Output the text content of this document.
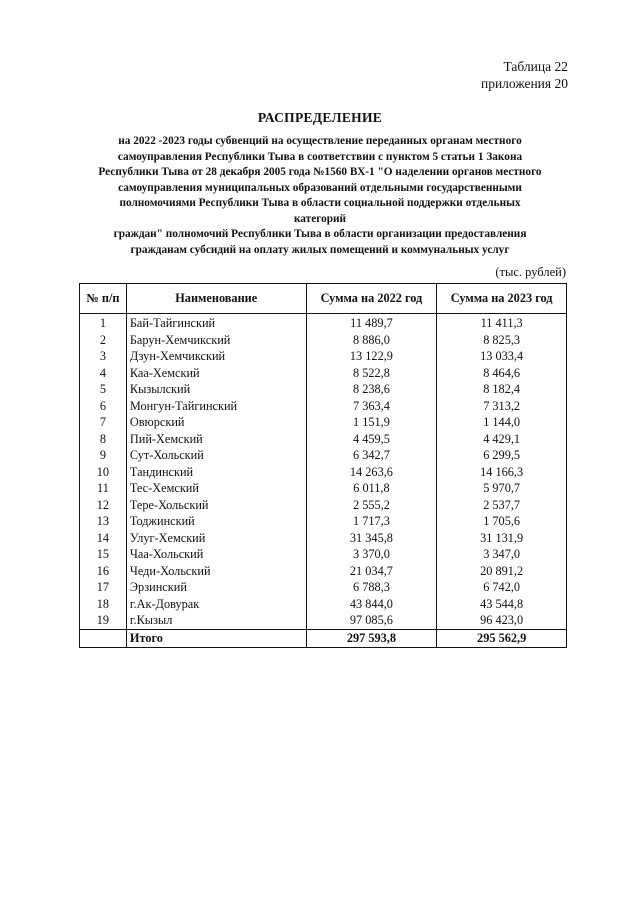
Таблица 22
приложения 20
РАСПРЕДЕЛЕНИЕ
на 2022 -2023 годы субвенций на осуществление переданных органам местного
самоуправления Республики Тыва в соответствии с пунктом 5 статьи 1 Закона
Республики Тыва от 28 декабря 2005 года №1560 ВХ-1 "О наделении органов местного
самоуправления муниципальных образований отдельными государственными
полномочиями Республики Тыва в области социальной поддержки отдельных категорий
граждан" полномочий Республики Тыва в области организации предоставления
гражданам субсидий на оплату жилых помещений и коммунальных услуг
(тыс. рублей)
№ п/п	Наименование	Сумма на 2022 год	Сумма на 2023 год
1	Бай-Тайгинский	11 489,7	11 411,3
2	Барун-Хемчикский	8 886,0	8 825,3
3	Дзун-Хемчикский	13 122,9	13 033,4
4	Каа-Хемский	8 522,8	8 464,6
5	Кызылский	8 238,6	8 182,4
6	Монгун-Тайгинский	7 363,4	7 313,2
7	Овюрский	1 151,9	1 144,0
8	Пий-Хемский	4 459,5	4 429,1
9	Сут-Хольский	6 342,7	6 299,5
10	Тандинский	14 263,6	14 166,3
11	Тес-Хемский	6 011,8	5 970,7
12	Тере-Хольский	2 555,2	2 537,7
13	Тоджинский	1 717,3	1 705,6
14	Улуг-Хемский	31 345,8	31 131,9
15	Чаа-Хольский	3 370,0	3 347,0
16	Чеди-Хольский	21 034,7	20 891,2
17	Эрзинский	6 788,3	6 742,0
18	г.Ак-Довурак	43 844,0	43 544,8
19	г.Кызыл	97 085,6	96 423,0
	Итого	297 593,8	295 562,9
